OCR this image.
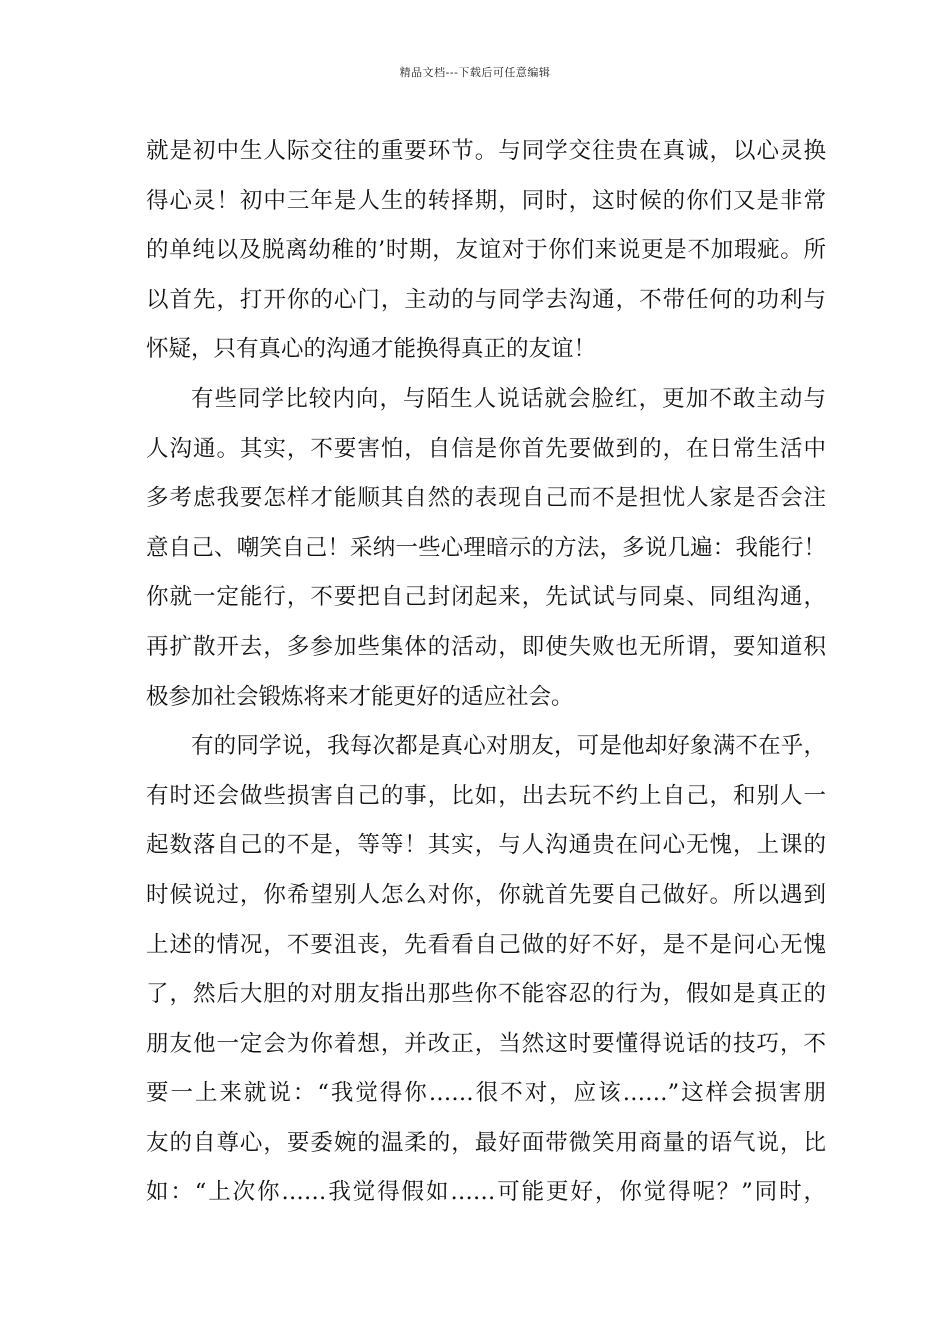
精品文档---下载后可任意编辑
就是初中生人际交往的重要环节。与同学交往贵在真诚，以心灵换
得心灵！初中三年是人生的转择期，同时，这时候的你们又是非常
的单纯以及脱离幼稚的’时期，友谊对于你们来说更是不加瑕疵。所
以首先，打开你的心门，主动的与同学去沟通，不带任何的功利与
怀疑，只有真心的沟通才能换得真正的友谊！
有些同学比较内向，与陌生人说话就会脸红，更加不敢主动与
人沟通。其实，不要害怕，自信是你首先要做到的，在日常生活中
多考虑我要怎样才能顺其自然的表现自己而不是担忧人家是否会注
意自己、嘲笑自己！采纳一些心理暗示的方法，多说几遍：我能行！
你就一定能行，不要把自己封闭起来，先试试与同桌、同组沟通，
再扩散开去，多参加些集体的活动，即使失败也无所谓，要知道积
极参加社会锻炼将来才能更好的适应社会。
有的同学说，我每次都是真心对朋友，可是他却好象满不在乎，
有时还会做些损害自己的事，比如，出去玩不约上自己，和别人一
起数落自己的不是，等等！其实，与人沟通贵在问心无愧，上课的
时候说过，你希望别人怎么对你，你就首先要自己做好。所以遇到
上述的情况，不要沮丧，先看看自己做的好不好，是不是问心无愧
了，然后大胆的对朋友指出那些你不能容忍的行为，假如是真正的
朋友他一定会为你着想，并改正，当然这时要懂得说话的技巧，不
要一上来就说：“我觉得你……很不对，应该……”这样会损害朋
友的自尊心，要委婉的温柔的，最好面带微笑用商量的语气说，比
如：“上次你……我觉得假如……可能更好，你觉得呢？”同时，
